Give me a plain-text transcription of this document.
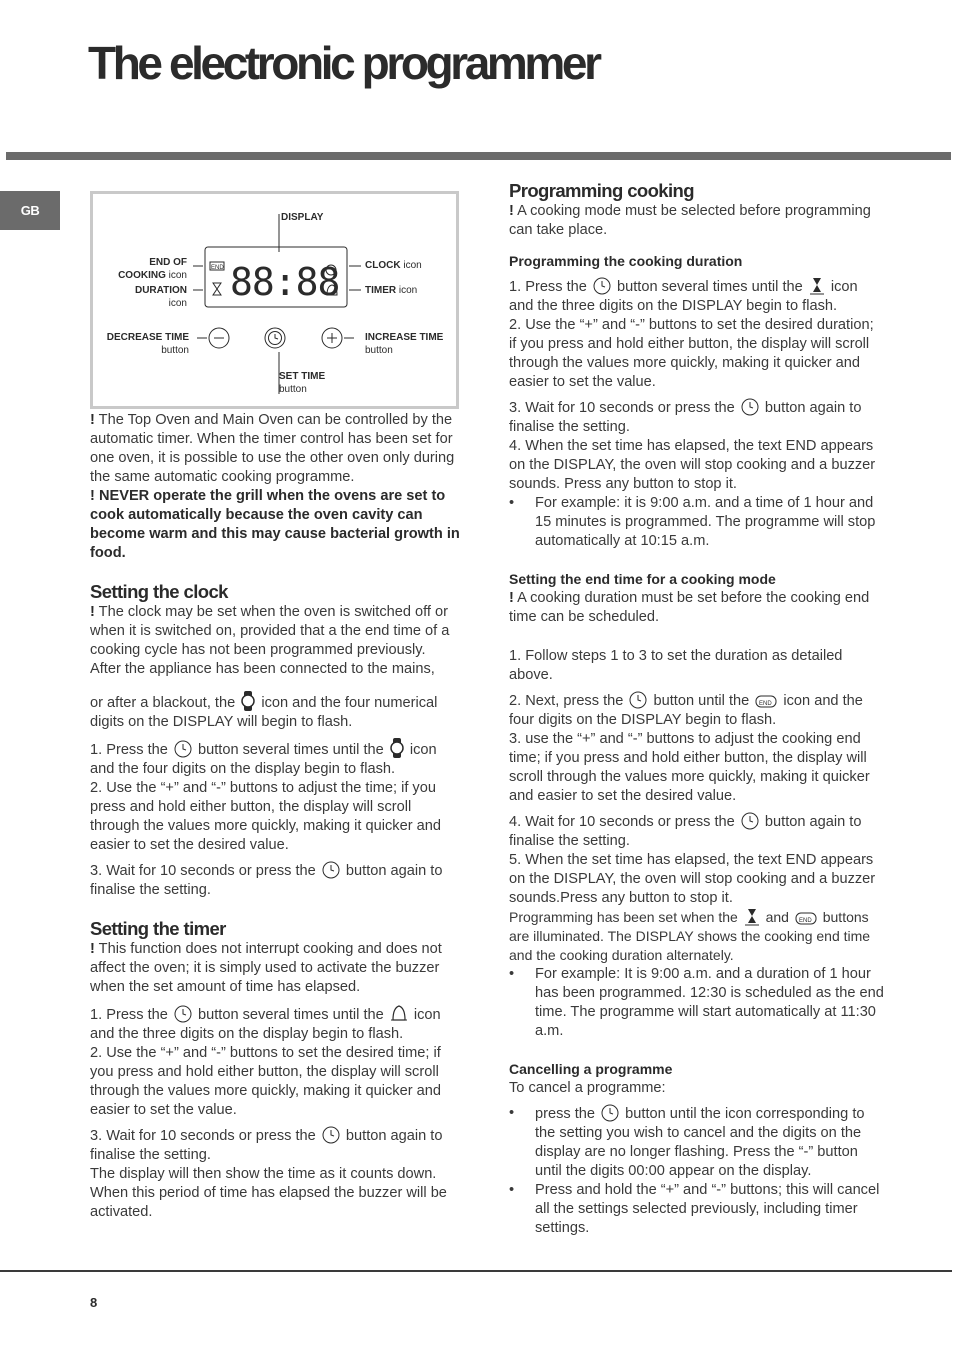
The electronic programmer
GB
END 88:88
DISPLAY
END OF
COOKING icon
DURATION
icon
CLOCK icon
TIMER icon
DECREASE TIME
button
INCREASE TIME
button
SET TIME
button

! The Top Oven and Main Oven can be controlled by the automatic timer. When the timer control has been set for one oven, it is possible to use the other oven only during the same automatic cooking programme.

! NEVER operate the grill when the ovens are set to cook automatically because the oven cavity can become warm and this may cause bacterial growth in food.

Setting the clock

! The clock may be set when the oven is switched off or when it is switched on, provided that a the end time of a cooking cycle has not been programmed previously.

After the appliance has been connected to the mains,

or after a blackout, the icon and the four numerical digits on the DISPLAY will begin to flash.

1. Press the button several times until the icon and the four digits on the display begin to flash.

2. Use the “+” and “-” buttons to adjust the time; if you press and hold either button, the display will scroll through the values more quickly, making it quicker and easier to set the desired value.

3. Wait for 10 seconds or press the button again to finalise the setting.

Setting the timer

! This function does not interrupt cooking and does not affect the oven; it is simply used to activate the buzzer when the set amount of time has elapsed.

1. Press the button several times until the icon and the three digits on the display begin to flash.

2. Use the “+” and “-” buttons to set the desired time; if you press and hold either button, the display will scroll through the values more quickly, making it quicker and easier to set the value.

3. Wait for 10 seconds or press the button again to finalise the setting.

The display will then show the time as it counts down. When this period of time has elapsed the buzzer will be activated.

Programming cooking

! A cooking mode must be selected before programming can take place.

Programming the cooking duration

1. Press the button several times until the icon and the three digits on the DISPLAY begin to flash.

2. Use the “+” and “-” buttons to set the desired duration; if you press and hold either button, the display will scroll through the values more quickly, making it quicker and easier to set the value.

3. Wait for 10 seconds or press the button again to finalise the setting.

4. When the set time has elapsed, the text END appears on the DISPLAY, the oven will stop cooking and a buzzer sounds. Press any button to stop it.

• For example: it is 9:00 a.m. and a time of 1 hour and 15 minutes is programmed. The programme will stop automatically at 10:15 a.m.
Setting the end time for a cooking mode

! A cooking duration must be set before the cooking end time can be scheduled.

1. Follow steps 1 to 3 to set the duration as detailed above.

2. Next, press the button until the END icon and the four digits on the DISPLAY begin to flash.

3. use the “+” and “-” buttons to adjust the cooking end time; if you press and hold either button, the display will scroll through the values more quickly, making it quicker and easier to set the desired value.

4. Wait for 10 seconds or press the button again to finalise the setting.

5. When the set time has elapsed, the text END appears on the DISPLAY, the oven will stop cooking and a buzzer sounds.Press any button to stop it.

Programming has been set when the and END buttons are illuminated. The DISPLAY shows the cooking end time and the cooking duration alternately.

• For example: It is 9:00 a.m. and a duration of 1 hour has been programmed. 12:30 is scheduled as the end time. The programme will start automatically at 11:30 a.m.
Cancelling a programme

To cancel a programme:

• press the button until the icon corresponding to the setting you wish to cancel and the digits on the display are no longer flashing. Press the “-” button until the digits 00:00 appear on the display.
• Press and hold the “+” and “-” buttons; this will cancel all the settings selected previously, including timer settings.
8
